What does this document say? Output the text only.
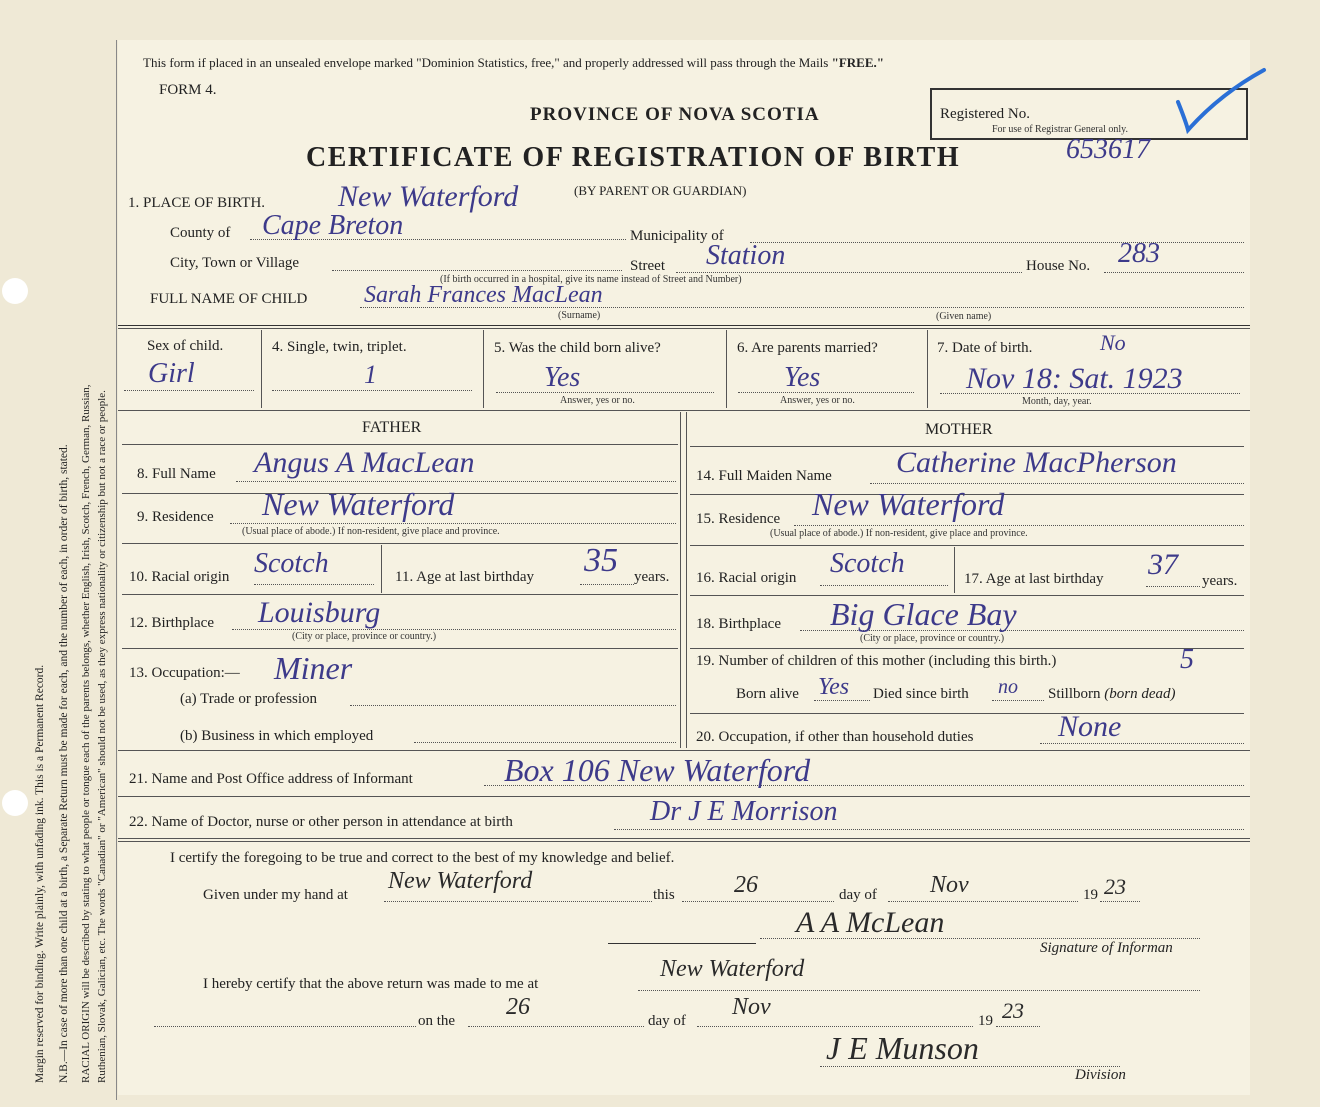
Margin reserved for binding. Write plainly, with unfading ink. This is a Permanent Record. N.B.—In case of more than one child at a birth, a Separate Return must be made for each, and the number of each, in order of birth, stated. RACIAL ORIGIN will be described by stating to what people or tongue each of the parents belongs, whether English, Irish, Scotch, French, German, Russian, Ruthenian, Slovak, Galician, etc. The words "Canadian" or "American" should not be used, as they express nationality or citizenship but not a race or people.
This form if placed in an unsealed envelope marked "Dominion Statistics, free," and properly addressed will pass through the Mails "FREE."
FORM 4.
PROVINCE OF NOVA SCOTIA	Registered No.
For use of Registrar General only.
CERTIFICATE OF REGISTRATION OF BIRTH	653617
(BY PARENT OR GUARDIAN)
1. PLACE OF BIRTH. New Waterford
County of Cape Breton	Municipality of
City, Town or Village	Street Station	House No. 283
(If birth occurred in a hospital, give its name instead of Street and Number)
FULL NAME OF CHILD Sarah Frances MacLean
(Surname)	(Given name)
Sex of child.
Girl
4. Single, twin, triplet.
1
5. Was the child born alive?
Yes
Answer, yes or no.
6. Are parents married?
Yes
Answer, yes or no.
7. Date of birth.	No
Nov 18: Sat. 1923
Month, day, year.
FATHER	MOTHER
8. Full Name Angus A MacLean
9. Residence New Waterford
(Usual place of abode.) If non-resident, give place and province.
10. Racial origin Scotch	11. Age at last birthday 35 years.
12. Birthplace Louisburg
(City or place, province or country.)
13. Occupation:— Miner
(a) Trade or profession
(b) Business in which employed
14. Full Maiden Name Catherine MacPherson
15. Residence New Waterford
(Usual place of abode.) If non-resident, give place and province.
16. Racial origin Scotch	17. Age at last birthday 37 years.
18. Birthplace Big Glace Bay
(City or place, province or country.)
19. Number of children of this mother (including this birth.)	5
Born alive Yes Died since birth no Stillborn (born dead)
20. Occupation, if other than household duties	None
21. Name and Post Office address of Informant	Box 106 New Waterford
22. Name of Doctor, nurse or other person in attendance at birth	Dr J E Morrison
I certify the foregoing to be true and correct to the best of my knowledge and belief.
Given under my hand at
New Waterford
this 26	day of Nov	19 23
A A McLean
Signature of Informan
I hereby certify that the above return was made to me at
New Waterford
on the
26
day of
Nov
19 23
J E Munson
Division
